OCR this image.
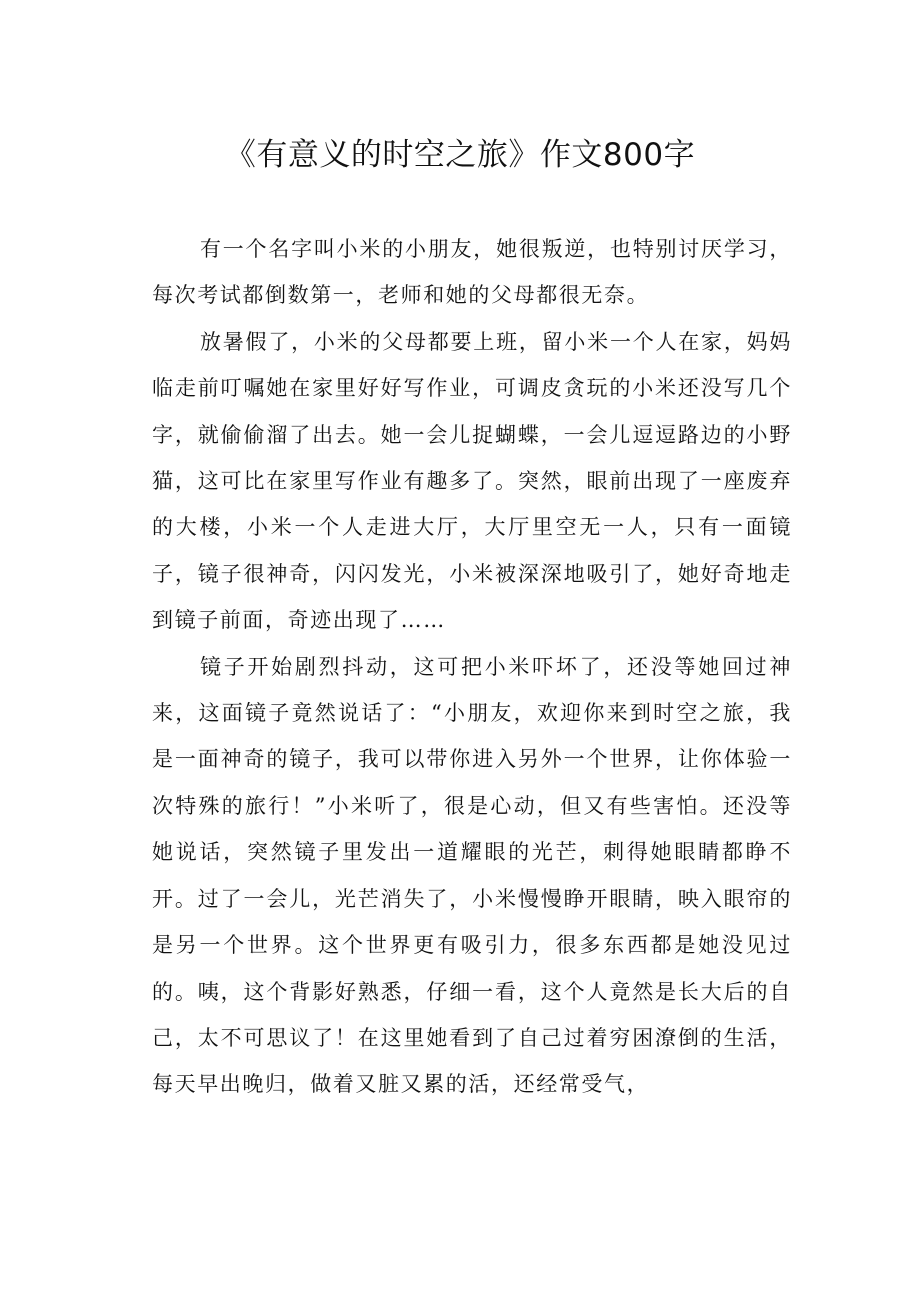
《有意义的时空之旅》作文800字

有一个名字叫小米的小朋友，她很叛逆，也特别讨厌学习，每次考试都倒数第一，老师和她的父母都很无奈。

放暑假了，小米的父母都要上班，留小米一个人在家，妈妈临走前叮嘱她在家里好好写作业，可调皮贪玩的小米还没写几个字，就偷偷溜了出去。她一会儿捉蝴蝶，一会儿逗逗路边的小野猫，这可比在家里写作业有趣多了。突然，眼前出现了一座废弃的大楼，小米一个人走进大厅，大厅里空无一人，只有一面镜子，镜子很神奇，闪闪发光，小米被深深地吸引了，她好奇地走到镜子前面，奇迹出现了……

镜子开始剧烈抖动，这可把小米吓坏了，还没等她回过神来，这面镜子竟然说话了：“小朋友，欢迎你来到时空之旅，我是一面神奇的镜子，我可以带你进入另外一个世界，让你体验一次特殊的旅行！”小米听了，很是心动，但又有些害怕。还没等她说话，突然镜子里发出一道耀眼的光芒，刺得她眼睛都睁不开。过了一会儿，光芒消失了，小米慢慢睁开眼睛，映入眼帘的是另一个世界。这个世界更有吸引力，很多东西都是她没见过的。咦，这个背影好熟悉，仔细一看，这个人竟然是长大后的自己，太不可思议了！在这里她看到了自己过着穷困潦倒的生活，每天早出晚归，做着又脏又累的活，还经常受气，
